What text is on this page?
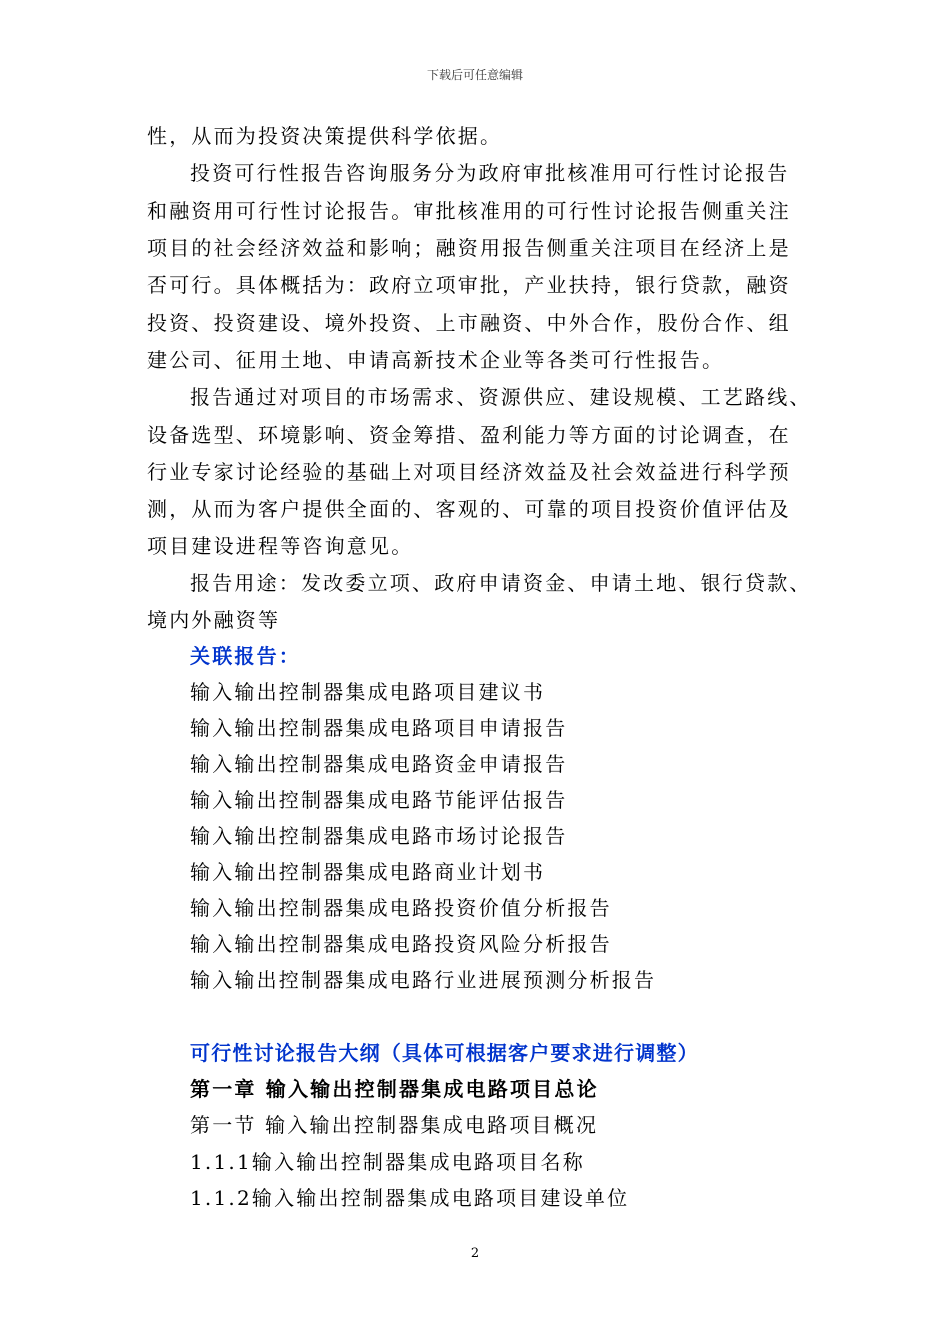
下载后可任意编辑
性，从而为投资决策提供科学依据。
投资可行性报告咨询服务分为政府审批核准用可行性讨论报告
和融资用可行性讨论报告。审批核准用的可行性讨论报告侧重关注
项目的社会经济效益和影响；融资用报告侧重关注项目在经济上是
否可行。具体概括为：政府立项审批，产业扶持，银行贷款，融资
投资、投资建设、境外投资、上市融资、中外合作，股份合作、组
建公司、征用土地、申请高新技术企业等各类可行性报告。
报告通过对项目的市场需求、资源供应、建设规模、工艺路线、
设备选型、环境影响、资金筹措、盈利能力等方面的讨论调查，在
行业专家讨论经验的基础上对项目经济效益及社会效益进行科学预
测，从而为客户提供全面的、客观的、可靠的项目投资价值评估及
项目建设进程等咨询意见。
报告用途：发改委立项、政府申请资金、申请土地、银行贷款、
境内外融资等
关联报告：
输入输出控制器集成电路项目建议书
输入输出控制器集成电路项目申请报告
输入输出控制器集成电路资金申请报告
输入输出控制器集成电路节能评估报告
输入输出控制器集成电路市场讨论报告
输入输出控制器集成电路商业计划书
输入输出控制器集成电路投资价值分析报告
输入输出控制器集成电路投资风险分析报告
输入输出控制器集成电路行业进展预测分析报告
可行性讨论报告大纲（具体可根据客户要求进行调整）
第一章 输入输出控制器集成电路项目总论
第一节 输入输出控制器集成电路项目概况
1.1.1输入输出控制器集成电路项目名称
1.1.2输入输出控制器集成电路项目建设单位
2
